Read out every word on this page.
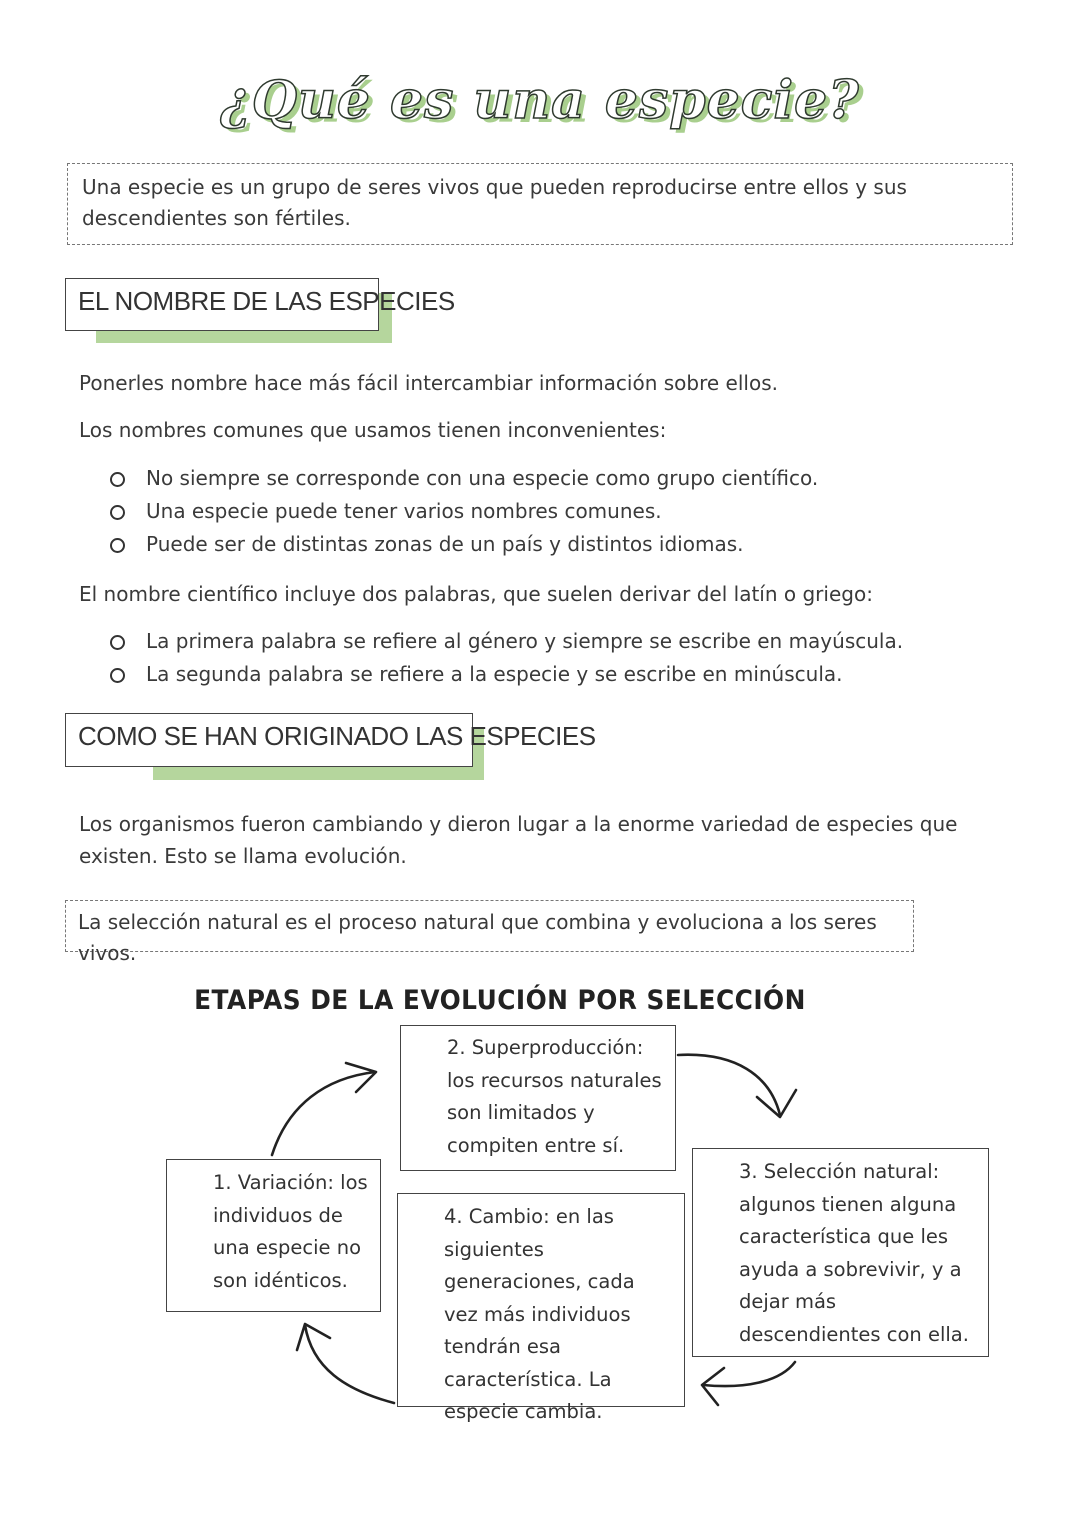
¿Qué es una especie?
Una especie es un grupo de seres vivos que pueden reproducirse entre ellos y sus descendientes son fértiles.
EL NOMBRE DE LAS ESPECIES
Ponerles nombre hace más fácil intercambiar información sobre ellos.
Los nombres comunes que usamos tienen inconvenientes:
No siempre se corresponde con una especie como grupo científico.
Una especie puede tener varios nombres comunes.
Puede ser de distintas zonas de un país y distintos idiomas.
El nombre científico incluye dos palabras, que suelen derivar del latín o griego:
La primera palabra se refiere al género y siempre se escribe en mayúscula.
La segunda palabra se refiere a la especie y se escribe en minúscula.
COMO SE HAN ORIGINADO LAS ESPECIES
Los organismos fueron cambiando y dieron lugar a la enorme variedad de especies que existen. Esto se llama evolución.
La selección natural es el proceso natural que combina y evoluciona a los seres vivos.
ETAPAS DE LA EVOLUCIÓN POR SELECCIÓN
2. Superproducción: los recursos naturales son limitados y compiten entre sí.
1. Variación: los individuos de una especie no son idénticos.
4. Cambio: en las siguientes generaciones, cada vez más individuos tendrán esa característica. La especie cambia.
3. Selección natural: algunos tienen alguna característica que les ayuda a sobrevivir, y a dejar más descendientes con ella.
